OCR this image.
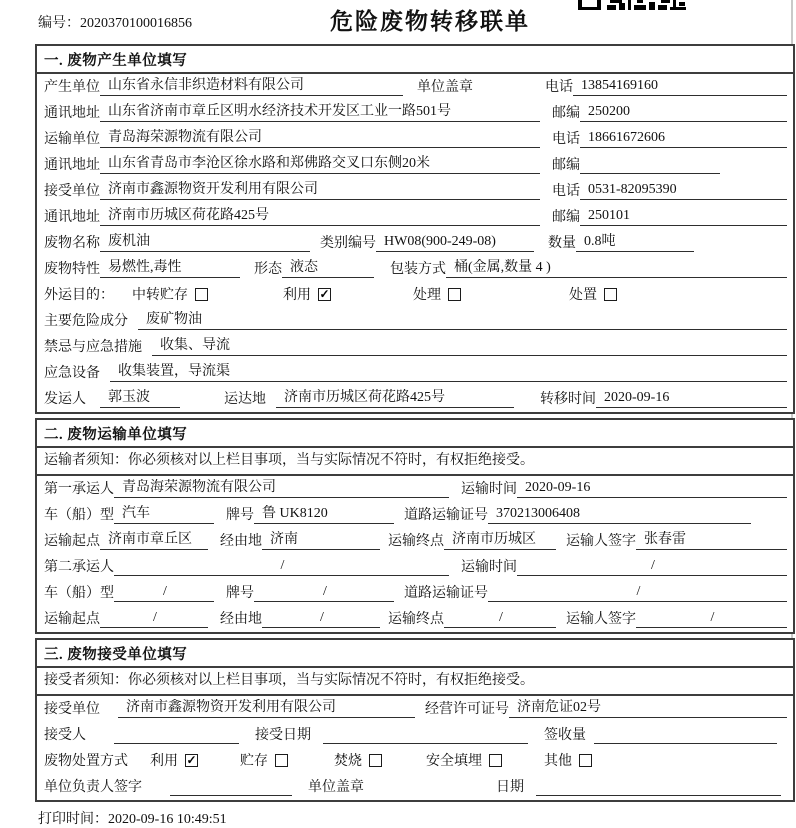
编号：2020370100016856	危险废物转移联单
一. 废物产生单位填写
产生单位 山东省永信非织造材料有限公司	单位盖章	电话 13854169160
通讯地址 山东省济南市章丘区明水经济技术开发区工业一路501号	邮编 250200
运输单位 青岛海荣源物流有限公司	电话 18661672606
通讯地址 山东省青岛市李沧区徐水路和郑佛路交叉口东侧20米	邮编
接受单位 济南市鑫源物资开发利用有限公司	电话 0531-82095390
通讯地址 济南市历城区荷花路425号	邮编 250101
废物名称 废机油	类别编号 HW08(900-249-08)	数量 0.8吨
废物特性 易燃性,毒性	形态 液态	包装方式 桶(金属,数量 4 )
外运目的： 中转贮存	利用 ✓	处理	处置
主要危险成分	废矿物油
禁忌与应急措施	收集、导流
应急设备	收集装置，导流渠
发运人	郭玉波	运达地	济南市历城区荷花路425号	转移时间 2020-09-16
二. 废物运输单位填写
运输者须知：你必须核对以上栏目事项，当与实际情况不符时，有权拒绝接受。
第一承运人 青岛海荣源物流有限公司	运输时间 2020-09-16
车（船）型 汽车	牌号 鲁 UK8120	道路运输证号 370213006408
运输起点 济南市章丘区	经由地 济南	运输终点 济南市历城区	运输人签字 张春雷
第二承运人	/	运输时间	/
车（船）型	/	牌号	/	道路运输证号	/
运输起点	/	经由地	/	运输终点	/	运输人签字	/
三. 废物接受单位填写
接受者须知：你必须核对以上栏目事项，当与实际情况不符时，有权拒绝接受。
接受单位	济南市鑫源物资开发利用有限公司	经营许可证号 济南危证02号
接受人	接受日期	签收量
废物处置方式 利用 ✓	贮存	焚烧	安全填埋	其他
单位负责人签字	单位盖章	日期
打印时间：2020-09-16 10:49:51
